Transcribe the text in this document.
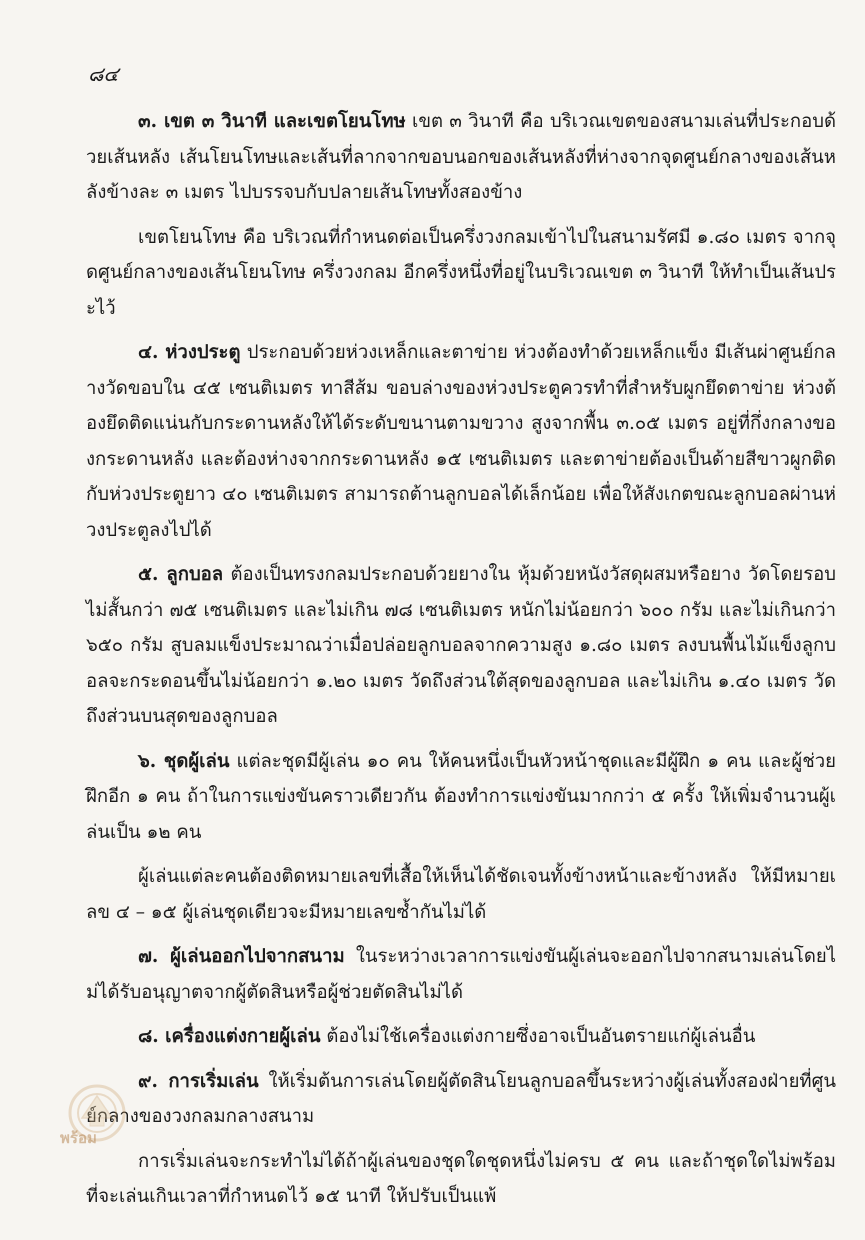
๘๔

๓. เขต ๓ วินาที และเขตโยนโทษ เขต ๓ วินาที คือ บริเวณเขตของสนามเล่นที่ประกอบด้วยเส้นหลัง เส้นโยนโทษและเส้นที่ลากจากขอบนอกของเส้นหลังที่ห่างจากจุดศูนย์กลางของเส้นหลังข้างละ ๓ เมตร ไปบรรจบกับปลายเส้นโทษทั้งสองข้าง

เขตโยนโทษ คือ บริเวณที่กำหนดต่อเป็นครึ่งวงกลมเข้าไปในสนามรัศมี ๑.๘๐ เมตร จากจุดศูนย์กลางของเส้นโยนโทษ ครึ่งวงกลม อีกครึ่งหนึ่งที่อยู่ในบริเวณเขต ๓ วินาที ให้ทำเป็นเส้นประไว้

๔. ห่วงประตู ประกอบด้วยห่วงเหล็กและตาข่าย ห่วงต้องทำด้วยเหล็กแข็ง มีเส้นผ่าศูนย์กลางวัดขอบใน ๔๕ เซนติเมตร ทาสีส้ม ขอบล่างของห่วงประตูควรทำที่สำหรับผูกยึดตาข่าย ห่วงต้องยึดติดแน่นกับกระดานหลังให้ได้ระดับขนานตามขวาง สูงจากพื้น ๓.๐๕ เมตร อยู่ที่กึ่งกลางของกระดานหลัง และต้องห่างจากกระดานหลัง ๑๕ เซนติเมตร และตาข่ายต้องเป็นด้ายสีขาวผูกติดกับห่วงประตูยาว ๔๐ เซนติเมตร สามารถต้านลูกบอลได้เล็กน้อย เพื่อให้สังเกตขณะลูกบอลผ่านห่วงประตูลงไปได้

๕. ลูกบอล ต้องเป็นทรงกลมประกอบด้วยยางใน หุ้มด้วยหนังวัสดุผสมหรือยาง วัดโดยรอบไม่สั้นกว่า ๗๕ เซนติเมตร และไม่เกิน ๗๘ เซนติเมตร หนักไม่น้อยกว่า ๖๐๐ กรัม และไม่เกินกว่า ๖๕๐ กรัม สูบลมแข็งประมาณว่าเมื่อปล่อยลูกบอลจากความสูง ๑.๘๐ เมตร ลงบนพื้นไม้แข็งลูกบอลจะกระดอนขึ้นไม่น้อยกว่า ๑.๒๐ เมตร วัดถึงส่วนใต้สุดของลูกบอล และไม่เกิน ๑.๔๐ เมตร วัดถึงส่วนบนสุดของลูกบอล

๖. ชุดผู้เล่น แต่ละชุดมีผู้เล่น ๑๐ คน ให้คนหนึ่งเป็นหัวหน้าชุดและมีผู้ฝึก ๑ คน และผู้ช่วยฝึกอีก ๑ คน ถ้าในการแข่งขันคราวเดียวกัน ต้องทำการแข่งขันมากกว่า ๕ ครั้ง ให้เพิ่มจำนวนผู้เล่นเป็น ๑๒ คน

ผู้เล่นแต่ละคนต้องติดหมายเลขที่เสื้อให้เห็นได้ชัดเจนทั้งข้างหน้าและข้างหลัง ให้มีหมายเลข ๔ – ๑๕ ผู้เล่นชุดเดียวจะมีหมายเลขซ้ำกันไม่ได้

๗. ผู้เล่นออกไปจากสนาม ในระหว่างเวลาการแข่งขันผู้เล่นจะออกไปจากสนามเล่นโดยไม่ได้รับอนุญาตจากผู้ตัดสินหรือผู้ช่วยตัดสินไม่ได้

๘. เครื่องแต่งกายผู้เล่น ต้องไม่ใช้เครื่องแต่งกายซึ่งอาจเป็นอันตรายแก่ผู้เล่นอื่น

๙. การเริ่มเล่น ให้เริ่มต้นการเล่นโดยผู้ตัดสินโยนลูกบอลขึ้นระหว่างผู้เล่นทั้งสองฝ่ายที่ศูนย์กลางของวงกลมกลางสนาม

การเริ่มเล่นจะกระทำไม่ได้ถ้าผู้เล่นของชุดใดชุดหนึ่งไม่ครบ ๕ คน และถ้าชุดใดไม่พร้อมที่จะเล่นเกินเวลาที่กำหนดไว้ ๑๕ นาที ให้ปรับเป็นแพ้

พร้อม
